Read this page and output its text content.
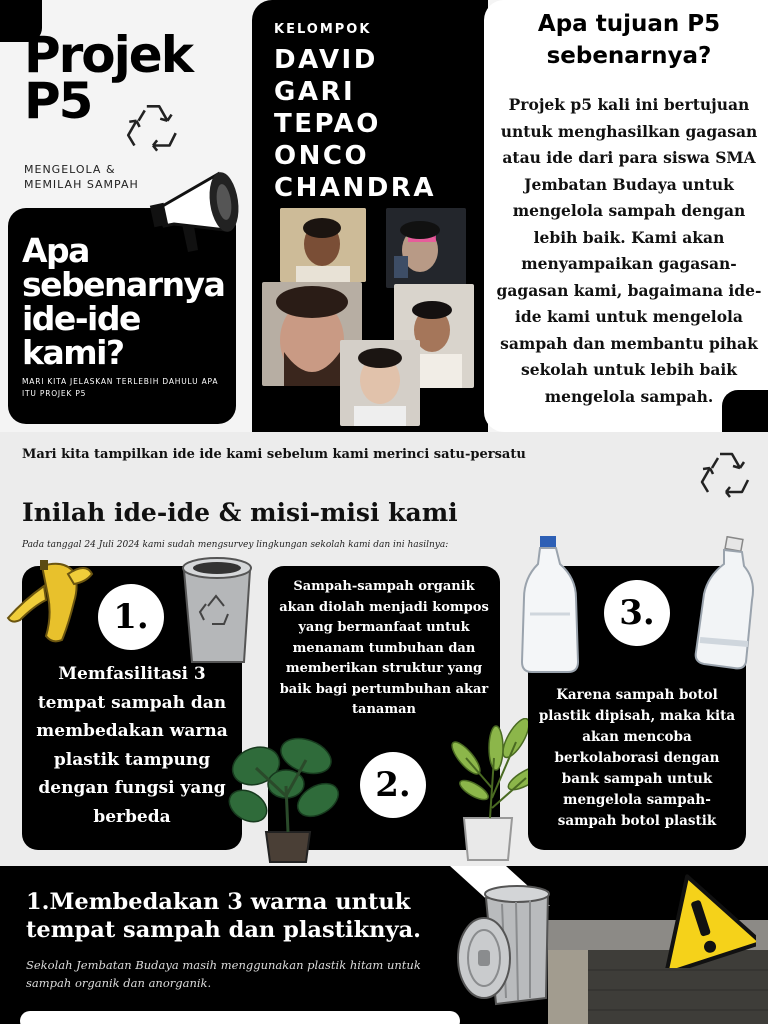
Projek
P5
MENGELOLA & MEMILAH SAMPAH
Apa sebenarnya ide-ide kami?
MARI KITA JELASKAN TERLEBIH DAHULU APA ITU PROJEK P5
KELOMPOK
DAVID
GARI
TEPAO
ONCO
CHANDRA
Apa tujuan P5 sebenarnya?
Projek p5 kali ini bertujuan untuk menghasilkan gagasan atau ide dari para siswa SMA Jembatan Budaya untuk mengelola sampah dengan lebih baik. Kami akan menyampaikan gagasan-gagasan kami, bagaimana ide-ide kami untuk mengelola sampah dan membantu pihak sekolah untuk lebih baik mengelola sampah.
Mari kita tampilkan ide ide kami sebelum kami merinci satu-persatu
Inilah ide-ide & misi-misi kami
Pada tanggal 24 Juli 2024 kami sudah mengsurvey lingkungan sekolah kami dan ini hasilnya:
1.
Memfasilitasi 3 tempat sampah dan membedakan warna plastik tampung dengan fungsi yang berbeda
Sampah-sampah organik akan diolah menjadi kompos yang bermanfaat untuk menanam tumbuhan dan memberikan struktur yang baik bagi pertumbuhan akar tanaman
2.
3.
Karena sampah botol plastik dipisah, maka kita akan mencoba berkolaborasi dengan bank sampah untuk mengelola sampah-sampah botol plastik
1.Membedakan 3 warna untuk tempat sampah dan plastiknya.
Sekolah Jembatan Budaya masih menggunakan plastik hitam untuk sampah organik dan anorganik.
